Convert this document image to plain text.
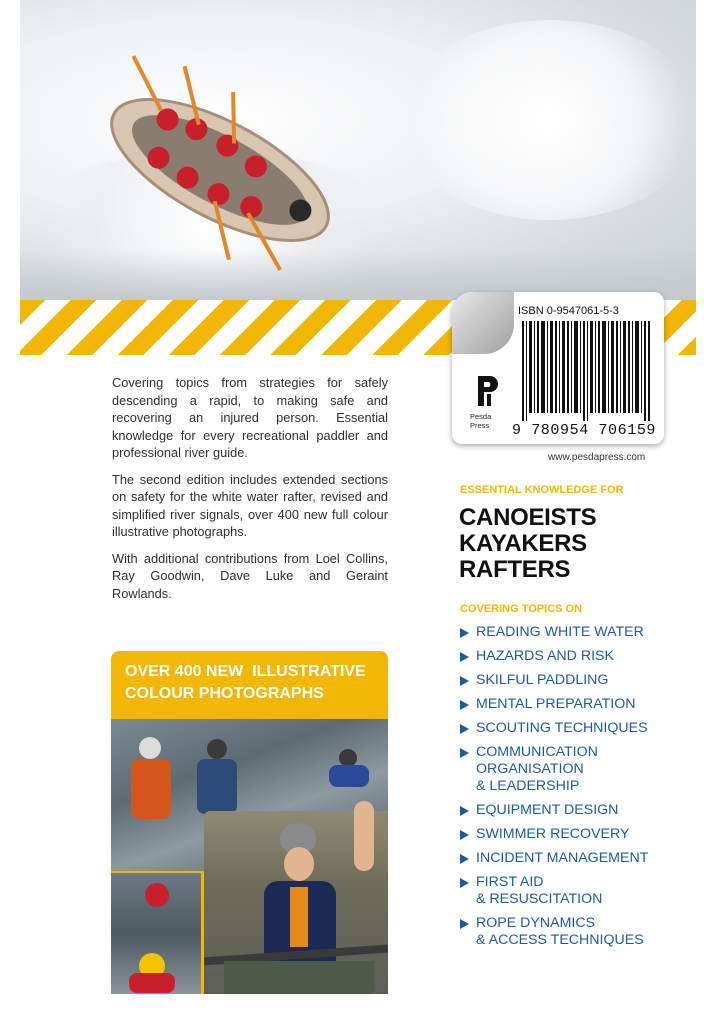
ISBN 0-9547061-5-3
9 780954 706159
Pesda
Press
www.pesdapress.com

Covering topics from strategies for safely descending a rapid, to making safe and recovering an injured person. Essential knowledge for every recreational paddler and professional river guide.

The second edition includes extended sections on safety for the white water rafter, revised and simplified river signals, over 400 new full colour illustrative photographs.

With additional contributions from Loel Collins, Ray Goodwin, Dave Luke and Geraint Rowlands.

OVER 400 NEW  ILLUSTRATIVE
COLOUR PHOTOGRAPHS
ESSENTIAL KNOWLEDGE FOR
CANOEISTS
KAYAKERS
RAFTERS
COVERING TOPICS ON
READING WHITE WATER
HAZARDS AND RISK
SKILFUL PADDLING
MENTAL PREPARATION
SCOUTING TECHNIQUES
COMMUNICATION
ORGANISATION
& LEADERSHIP
EQUIPMENT DESIGN
SWIMMER RECOVERY
INCIDENT MANAGEMENT
FIRST AID
& RESUSCITATION
ROPE DYNAMICS
& ACCESS TECHNIQUES
